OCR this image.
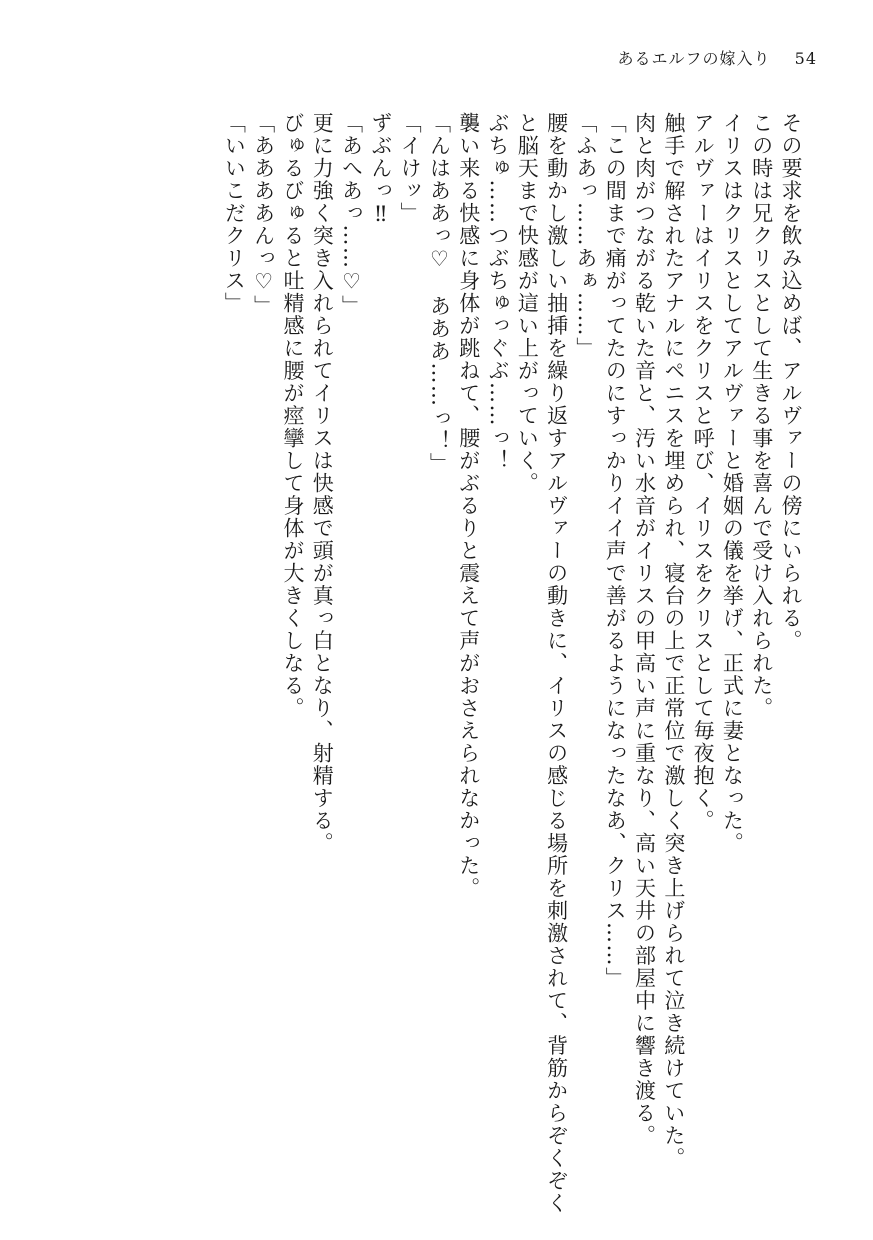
あるエルフの嫁入り 54
その要求を飲み込めば、アルヴァーの傍にいられる。
この時は兄クリスとして生きる事を喜んで受け入れられた。
イリスはクリスとしてアルヴァーと婚姻の儀を挙げ、正式に妻となった。
アルヴァーはイリスをクリスと呼び、イリスをクリスとして毎夜抱く。
触手で解されたアナルにペニスを埋められ、寝台の上で正常位で激しく突き上げられて泣き続けていた。
肉と肉がつながる乾いた音と、汚い水音がイリスの甲高い声に重なり、高い天井の部屋中に響き渡る。
「この間まで痛がってたのにすっかりイイ声で善がるようになったなあ、クリス……」
「ふあっ……あぁ……」
腰を動かし激しい抽挿を繰り返すアルヴァーの動きに、イリスの感じる場所を刺激されて、背筋からぞくぞく
と脳天まで快感が這い上がっていく。
ぶちゅ……つぶちゅっぐぶ……っ！
襲い来る快感に身体が跳ねて、腰がぶるりと震えて声がおさえられなかった。
「んはああっ♡　あああ……っ！」
「イけッ」
ずぶんっ‼
「あへあっ……♡」
更に力強く突き入れられてイリスは快感で頭が真っ白となり、射精する。
びゅるびゅると吐精感に腰が痙攣して身体が大きくしなる。
「ああああんっ♡」
「いいこだクリス」
